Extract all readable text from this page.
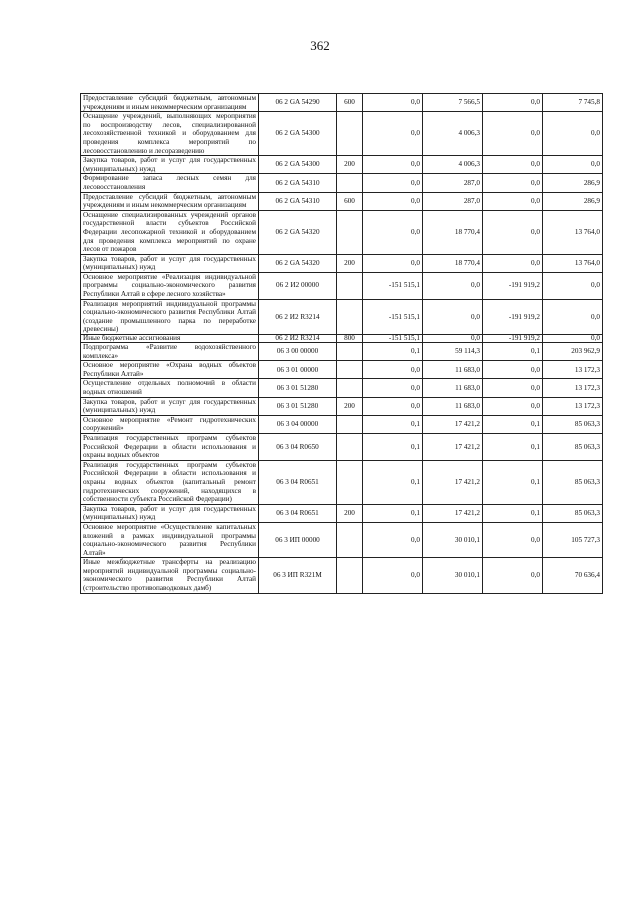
362
Предоставление субсидий бюджетным, автономным учреждениям и иным некоммерческим организациям	06 2 GA 54290	600	0,0	7 566,5	0,0	7 745,8
Оснащение учреждений, выполняющих мероприятия по воспроизводству лесов, специализированной лесохозяйственной техникой и оборудованием для проведения комплекса мероприятий по лесовосстановлению и лесоразведению	06 2 GA 54300		0,0	4 006,3	0,0	0,0
Закупка товаров, работ и услуг для государственных (муниципальных) нужд	06 2 GA 54300	200	0,0	4 006,3	0,0	0,0
Формирование запаса лесных семян для лесовосстановления	06 2 GA 54310		0,0	287,0	0,0	286,9
Предоставление субсидий бюджетным, автономным учреждениям и иным некоммерческим организациям	06 2 GA 54310	600	0,0	287,0	0,0	286,9
Оснащение специализированных учреждений органов государственной власти субъектов Российской Федерации лесопожарной техникой и оборудованием для проведения комплекса мероприятий по охране лесов от пожаров	06 2 GA 54320		0,0	18 770,4	0,0	13 764,0
Закупка товаров, работ и услуг для государственных (муниципальных) нужд	06 2 GA 54320	200	0,0	18 770,4	0,0	13 764,0
Основное мероприятие «Реализация индивидуальной программы социально-экономического развития Республики Алтай в сфере лесного хозяйства»	06 2 И2 00000		-151 515,1	0,0	-191 919,2	0,0
Реализация мероприятий индивидуальной программы социально-экономического развития Республики Алтай (создание промышленного парка по переработке древесины)	06 2 И2 R3214		-151 515,1	0,0	-191 919,2	0,0
Иные бюджетные ассигнования	06 2 И2 R3214	800	-151 515,1	0,0	-191 919,2	0,0
Подпрограмма «Развитие водохозяйственного комплекса»	06 3 00 00000		0,1	59 114,3	0,1	203 962,9
Основное мероприятие «Охрана водных объектов Республики Алтай»	06 3 01 00000		0,0	11 683,0	0,0	13 172,3
Осуществление отдельных полномочий в области водных отношений	06 3 01 51280		0,0	11 683,0	0,0	13 172,3
Закупка товаров, работ и услуг для государственных (муниципальных) нужд	06 3 01 51280	200	0,0	11 683,0	0,0	13 172,3
Основное мероприятие «Ремонт гидротехнических сооружений»	06 3 04 00000		0,1	17 421,2	0,1	85 063,3
Реализация государственных программ субъектов Российской Федерации в области использования и охраны водных объектов	06 3 04 R0650		0,1	17 421,2	0,1	85 063,3
Реализация государственных программ субъектов Российской Федерации в области использования и охраны водных объектов (капитальный ремонт гидротехнических сооружений, находящихся в собственности субъекта Российской Федерации)	06 3 04 R0651		0,1	17 421,2	0,1	85 063,3
Закупка товаров, работ и услуг для государственных (муниципальных) нужд	06 3 04 R0651	200	0,1	17 421,2	0,1	85 063,3
Основное мероприятие «Осуществление капитальных вложений в рамках индивидуальной программы социально-экономического развития Республики Алтай»	06 3 ИП 00000		0,0	30 010,1	0,0	105 727,3
Иные межбюджетные трансферты на реализацию мероприятий индивидуальной программы социально-экономического развития Республики Алтай (строительство противопаводковых дамб)	06 3 ИП R321М		0,0	30 010,1	0,0	70 636,4
